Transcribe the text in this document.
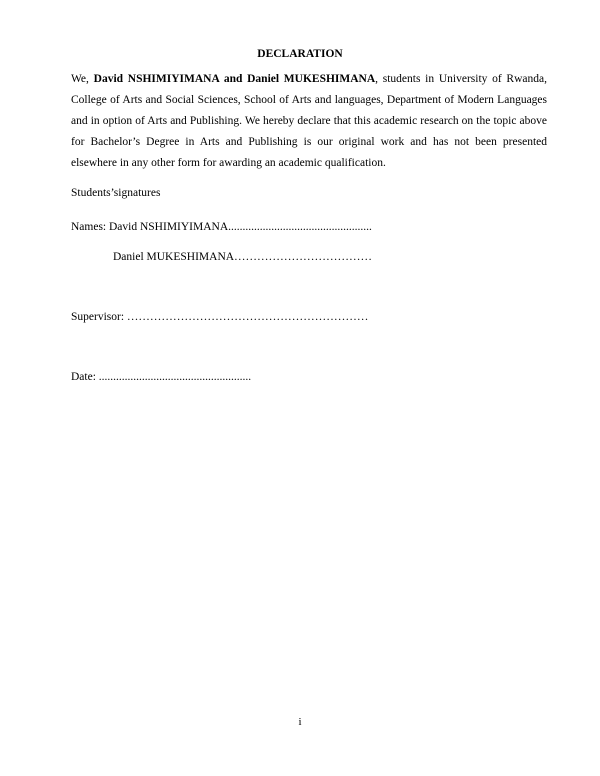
DECLARATION
We, David NSHIMIYIMANA and Daniel MUKESHIMANA, students in University of Rwanda, College of Arts and Social Sciences, School of Arts and languages, Department of Modern Languages and in option of Arts and Publishing. We hereby declare that this academic research on the topic above for Bachelor’s Degree in Arts and Publishing is our original work and has not been presented elsewhere in any other form for awarding an academic qualification.
Students’signatures
Names: David NSHIMIYIMANA..................................................
Daniel MUKESHIMANA………………………………
Supervisor: ………………………………………………………
Date: .....................................................
i
